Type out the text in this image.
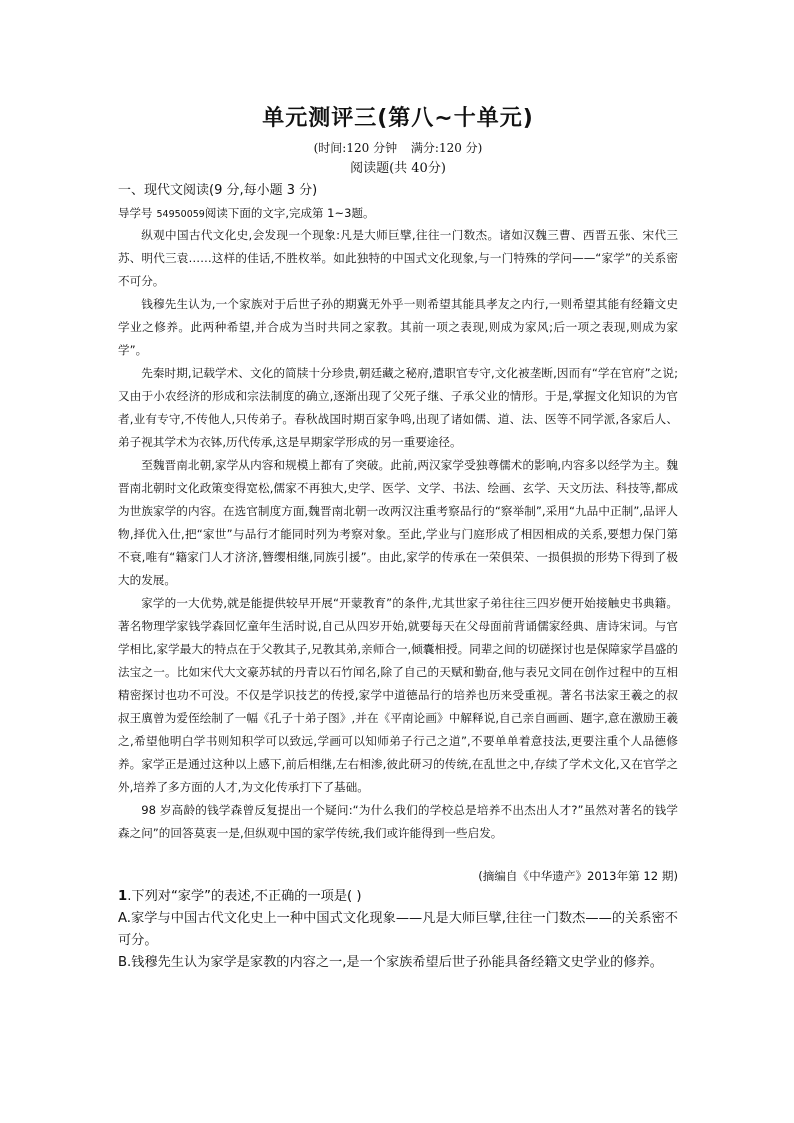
单元测评三(第八~十单元)
(时间:120 分钟 满分:120 分)
阅读题(共 40分)
一、现代文阅读(9 分,每小题 3 分)
导学号 54950059阅读下面的文字,完成第 1~3题。

纵观中国古代文化史,会发现一个现象:凡是大师巨擘,往往一门数杰。诸如汉魏三曹、西晋五张、宋代三苏、明代三袁……这样的佳话,不胜枚举。如此独特的中国式文化现象,与一门特殊的学问——“家学”的关系密不可分。

钱穆先生认为,一个家族对于后世子孙的期冀无外乎一则希望其能具孝友之内行,一则希望其能有经籍文史学业之修养。此两种希望,并合成为当时共同之家教。其前一项之表现,则成为家风;后一项之表现,则成为家学”。

先秦时期,记载学术、文化的简牍十分珍贵,朝廷藏之秘府,遣职官专守,文化被垄断,因而有“学在官府”之说;又由于小农经济的形成和宗法制度的确立,逐渐出现了父死子继、子承父业的情形。于是,掌握文化知识的为官者,业有专守,不传他人,只传弟子。春秋战国时期百家争鸣,出现了诸如儒、道、法、医等不同学派,各家后人、弟子视其学术为衣钵,历代传承,这是早期家学形成的另一重要途径。

至魏晋南北朝,家学从内容和规模上都有了突破。此前,两汉家学受独尊儒术的影响,内容多以经学为主。魏晋南北朝时文化政策变得宽松,儒家不再独大,史学、医学、文学、书法、绘画、玄学、天文历法、科技等,都成为世族家学的内容。在选官制度方面,魏晋南北朝一改两汉注重考察品行的“察举制”,采用“九品中正制”,品评人物,择优入仕,把“家世”与品行才能同时列为考察对象。至此,学业与门庭形成了相因相成的关系,要想力保门第不衰,唯有“籍家门人才济济,簪缨相继,同族引援”。由此,家学的传承在一荣俱荣、一损俱损的形势下得到了极大的发展。

家学的一大优势,就是能提供较早开展“开蒙教育”的条件,尤其世家子弟往往三四岁便开始接触史书典籍。著名物理学家钱学森回忆童年生活时说,自己从四岁开始,就要每天在父母面前背诵儒家经典、唐诗宋词。与官学相比,家学最大的特点在于父教其子,兄教其弟,亲师合一,倾囊相授。同辈之间的切磋探讨也是保障家学昌盛的法宝之一。比如宋代大文豪苏轼的丹青以石竹闻名,除了自己的天赋和勤奋,他与表兄文同在创作过程中的互相精密探讨也功不可没。不仅是学识技艺的传授,家学中道德品行的培养也历来受重视。著名书法家王羲之的叔叔王廙曾为爱侄绘制了一幅《孔子十弟子图》,并在《平南论画》中解释说,自己亲自画画、题字,意在激励王羲之,希望他明白学书则知积学可以致远,学画可以知师弟子行己之道”,不要单单着意技法,更要注重个人品德修养。家学正是通过这种以上感下,前后相继,左右相渗,彼此研习的传统,在乱世之中,存续了学术文化,又在官学之外,培养了多方面的人才,为文化传承打下了基础。

98 岁高龄的钱学森曾反复提出一个疑问:“为什么我们的学校总是培养不出杰出人才?”虽然对著名的钱学森之问”的回答莫衷一是,但纵观中国的家学传统,我们或许能得到一些启发。

(摘编自《中华遗产》2013年第 12 期)
1.下列对“家学”的表述,不正确的一项是( )
A.家学与中国古代文化史上一种中国式文化现象——凡是大师巨擘,往往一门数杰——的关系密不可分。
B.钱穆先生认为家学是家教的内容之一,是一个家族希望后世子孙能具备经籍文史学业的修养。
